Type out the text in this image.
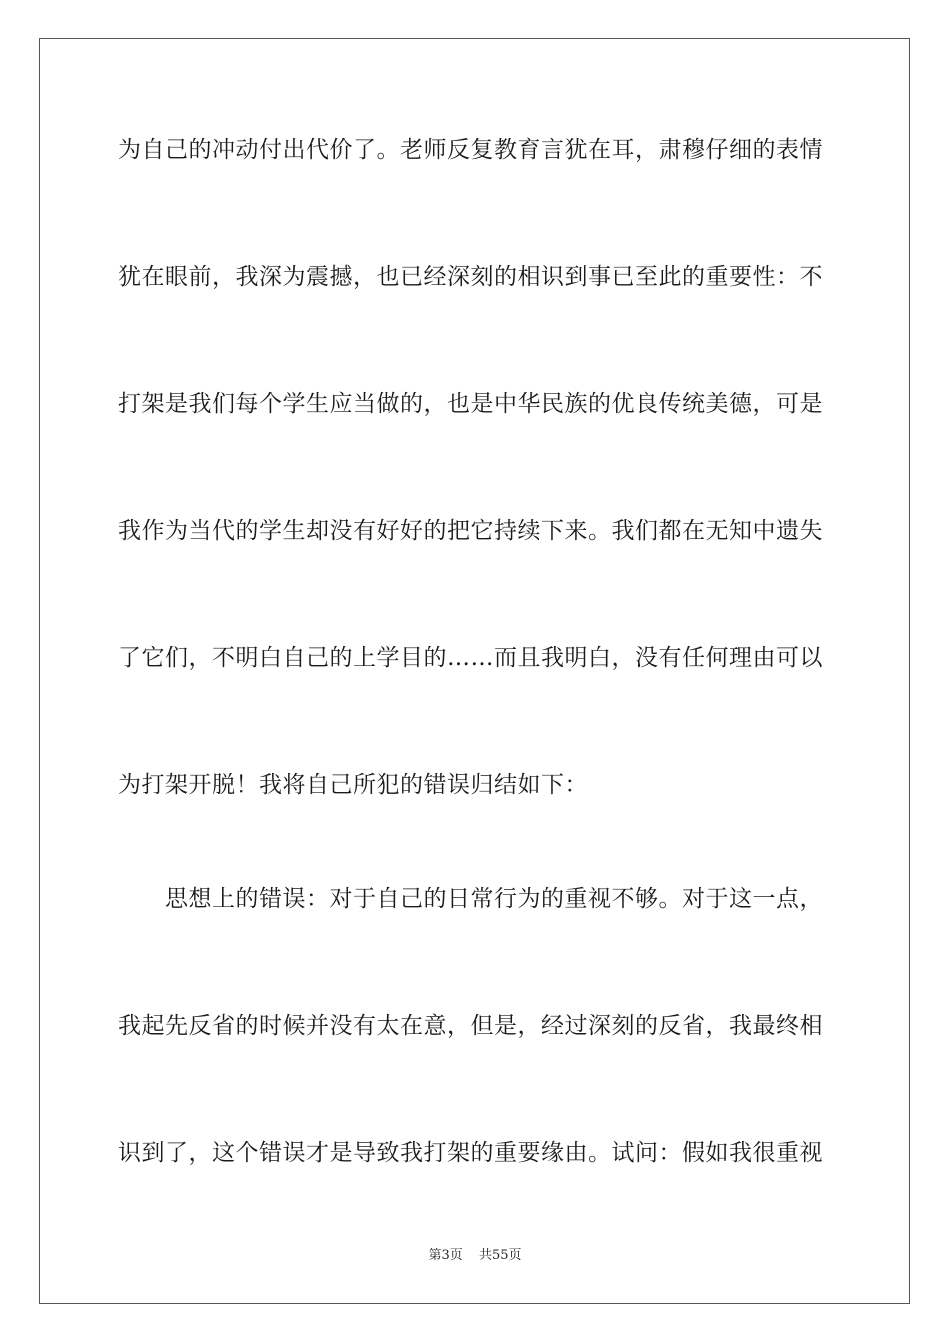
为自己的冲动付出代价了。老师反复教育言犹在耳，肃穆仔细的表情
犹在眼前，我深为震撼，也已经深刻的相识到事已至此的重要性：不
打架是我们每个学生应当做的，也是中华民族的优良传统美德，可是
我作为当代的学生却没有好好的把它持续下来。我们都在无知中遗失
了它们，不明白自己的上学目的……而且我明白，没有任何理由可以
为打架开脱！我将自己所犯的错误归结如下：
思想上的错误：对于自己的日常行为的重视不够。对于这一点，
我起先反省的时候并没有太在意，但是，经过深刻的反省，我最终相
识到了，这个错误才是导致我打架的重要缘由。试问：假如我很重视
第3页 共55页
